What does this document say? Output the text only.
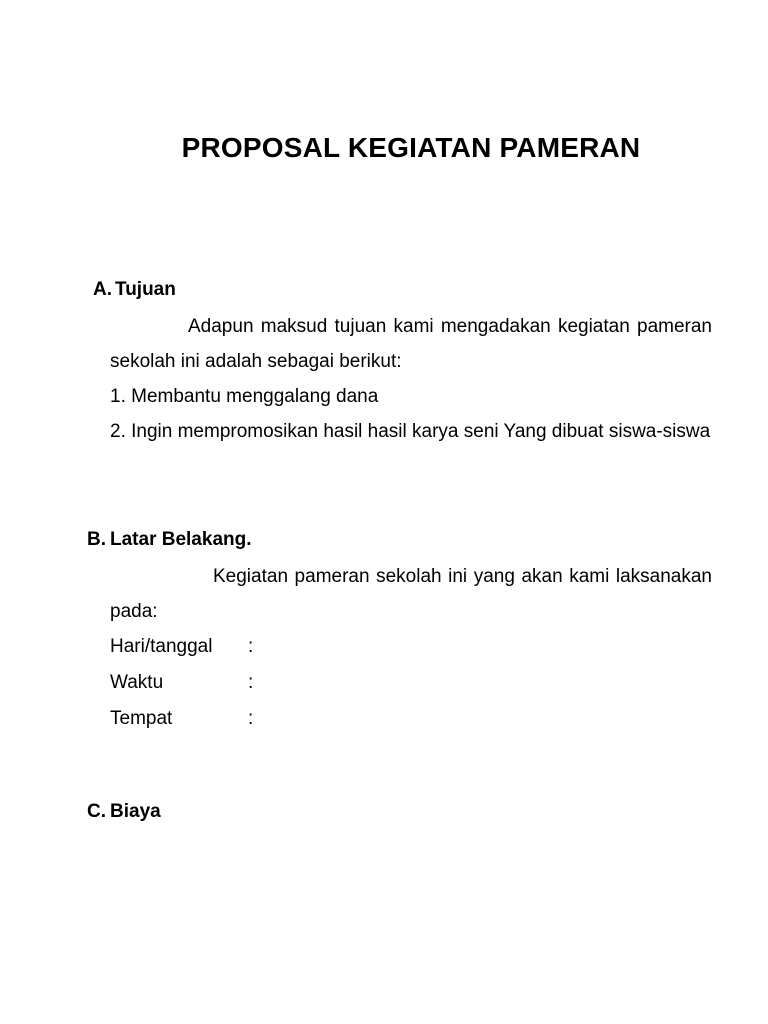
PROPOSAL KEGIATAN PAMERAN
A. Tujuan

Adapun maksud tujuan kami mengadakan kegiatan pameran sekolah ini adalah sebagai berikut:

1. Membantu menggalang dana

2. Ingin mempromosikan hasil hasil karya seni Yang dibuat siswa-siswa

B. Latar Belakang.

Kegiatan pameran sekolah ini yang akan kami laksanakan pada:

Hari/tanggal	:
Waktu	:
Tempat	:
C. Biaya
